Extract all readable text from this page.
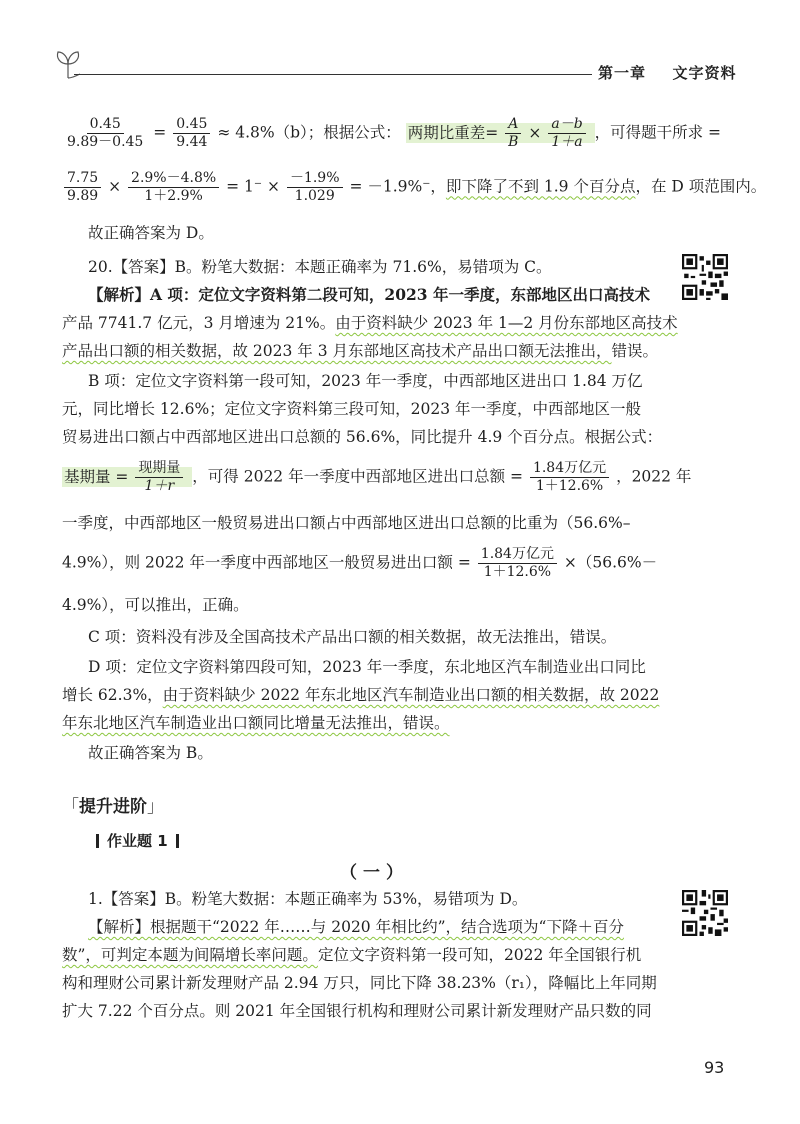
第一章 文字资料
$\frac{0.45}{9.89-0.45} = \frac{0.45}{9.44} \approx 4.8\%(b)$；根据公式： 两期比重差= $\frac{A}{B} \times \frac{a-b}{1+a}$ ，可得题干所求 =
$\frac{7.75}{9.89} \times \frac{2.9\%-4.8\%}{1+2.9\%} = 1^- \times \frac{-1.9\%}{1.029} = -1.9\%^-$，即下降了不到 1.9 个百分点，在 D 项范围内。
故正确答案为 D。
20.【答案】B。粉笔大数据：本题正确率为 71.6%，易错项为 C。
【解析】A 项：定位文字资料第二段可知，2023 年一季度，东部地区出口高技术
产品 7741.7 亿元，3 月增速为 21%。由于资料缺少 2023 年 1—2 月份东部地区高技术
产品出口额的相关数据，故 2023 年 3 月东部地区高技术产品出口额无法推出，错误。
B 项：定位文字资料第一段可知，2023 年一季度，中西部地区进出口 1.84 万亿
元，同比增长 12.6%；定位文字资料第三段可知，2023 年一季度，中西部地区一般
贸易进出口额占中西部地区进出口总额的 56.6%，同比提升 4.9 个百分点。根据公式：
基期量 = $\frac{\text{现期量}}{1+r}$ ，可得 2022 年一季度中西部地区进出口总额 = $\frac{\text{1.84万亿元}}{1+12.6\%}$ ，2022 年
一季度，中西部地区一般贸易进出口额占中西部地区进出口总额的比重为（56.6%–
4.9%），则 2022 年一季度中西部地区一般贸易进出口额 = $\frac{\text{1.84万亿元}}{1+12.6\%} \times(56.6\%-$
4.9%），可以推出，正确。
C 项：资料没有涉及全国高技术产品出口额的相关数据，故无法推出，错误。
D 项：定位文字资料第四段可知，2023 年一季度，东北地区汽车制造业出口同比
增长 62.3%，由于资料缺少 2022 年东北地区汽车制造业出口额的相关数据，故 2022
年东北地区汽车制造业出口额同比增量无法推出，错误。
故正确答案为 B。
「提升进阶」
作业题 1
（一）
1.【答案】B。粉笔大数据：本题正确率为 53%，易错项为 D。
【解析】根据题干“2022 年……与 2020 年相比约”，结合选项为“下降＋百分
数”，可判定本题为间隔增长率问题。定位文字资料第一段可知，2022 年全国银行机
构和理财公司累计新发理财产品 2.94 万只，同比下降 38.23%（r₁），降幅比上年同期
扩大 7.22 个百分点。则 2021 年全国银行机构和理财公司累计新发理财产品只数的同
93
